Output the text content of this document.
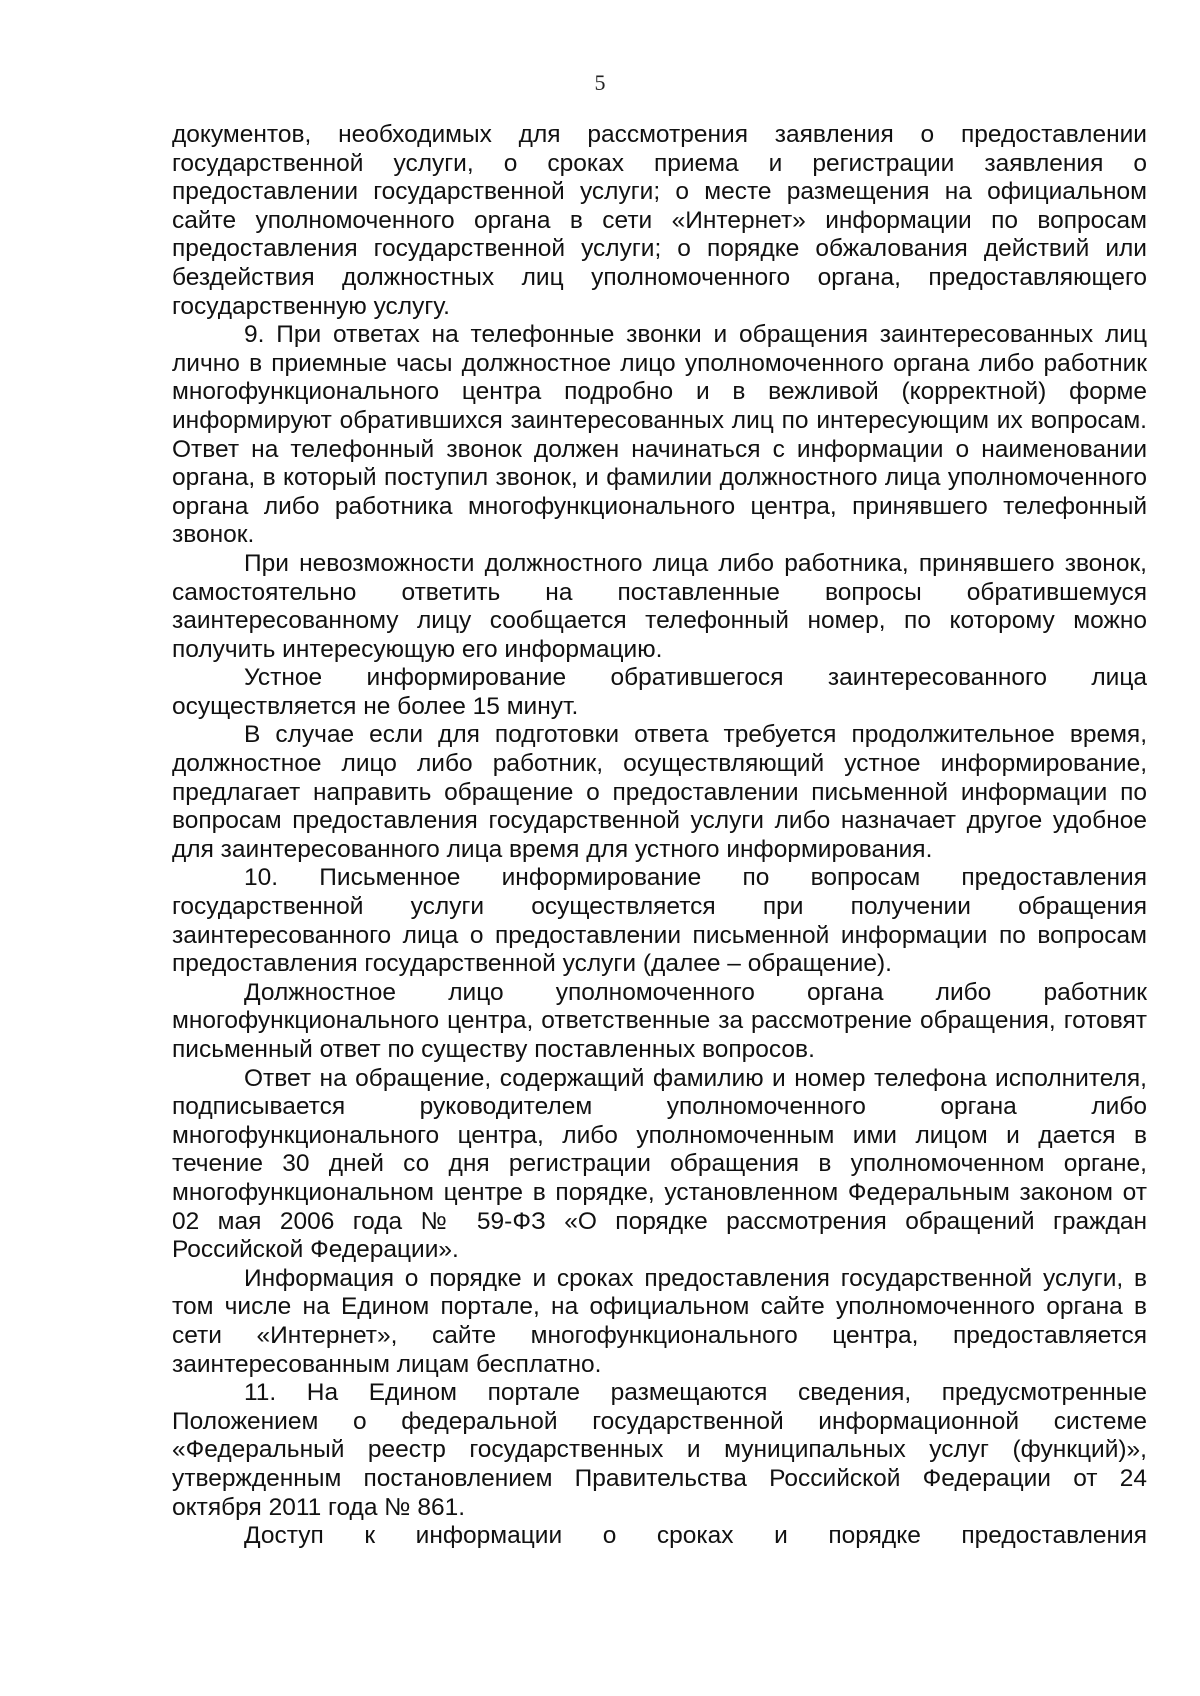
5

документов, необходимых для рассмотрения заявления о предоставлении государственной услуги, о сроках приема и регистрации заявления о предоставлении государственной услуги; о месте размещения на официальном сайте уполномоченного органа в сети «Интернет» информации по вопросам предоставления государственной услуги; о порядке обжалования действий или бездействия должностных лиц уполномоченного органа, предоставляющего государственную услугу.

9. При ответах на телефонные звонки и обращения заинтересованных лиц лично в приемные часы должностное лицо уполномоченного органа либо работник многофункционального центра подробно и в вежливой (корректной) форме информируют обратившихся заинтересованных лиц по интересующим их вопросам. Ответ на телефонный звонок должен начинаться с информации о наименовании органа, в который поступил звонок, и фамилии должностного лица уполномоченного органа либо работника многофункционального центра, принявшего телефонный звонок.

При невозможности должностного лица либо работника, принявшего звонок, самостоятельно ответить на поставленные вопросы обратившемуся заинтересованному лицу сообщается телефонный номер, по которому можно получить интересующую его информацию.

Устное информирование обратившегося заинтересованного лица осуществляется не более 15 минут.

В случае если для подготовки ответа требуется продолжительное время, должностное лицо либо работник, осуществляющий устное информирование, предлагает направить обращение о предоставлении письменной информации по вопросам предоставления государственной услуги либо назначает другое удобное для заинтересованного лица время для устного информирования.

10. Письменное информирование по вопросам предоставления государственной услуги осуществляется при получении обращения заинтересованного лица о предоставлении письменной информации по вопросам предоставления государственной услуги (далее – обращение).

Должностное лицо уполномоченного органа либо работник многофункционального центра, ответственные за рассмотрение обращения, готовят письменный ответ по существу поставленных вопросов.

Ответ на обращение, содержащий фамилию и номер телефона исполнителя, подписывается руководителем уполномоченного органа либо многофункционального центра, либо уполномоченным ими лицом и дается в течение 30 дней со дня регистрации обращения в уполномоченном органе, многофункциональном центре в порядке, установленном Федеральным законом от 02 мая 2006 года № 59-ФЗ «О порядке рассмотрения обращений граждан Российской Федерации».

Информация о порядке и сроках предоставления государственной услуги, в том числе на Едином портале, на официальном сайте уполномоченного органа в сети «Интернет», сайте многофункционального центра, предоставляется заинтересованным лицам бесплатно.

11. На Едином портале размещаются сведения, предусмотренные Положением о федеральной государственной информационной системе «Федеральный реестр государственных и муниципальных услуг (функций)», утвержденным постановлением Правительства Российской Федерации от 24 октября 2011 года № 861.

Доступ к информации о сроках и порядке предоставления
